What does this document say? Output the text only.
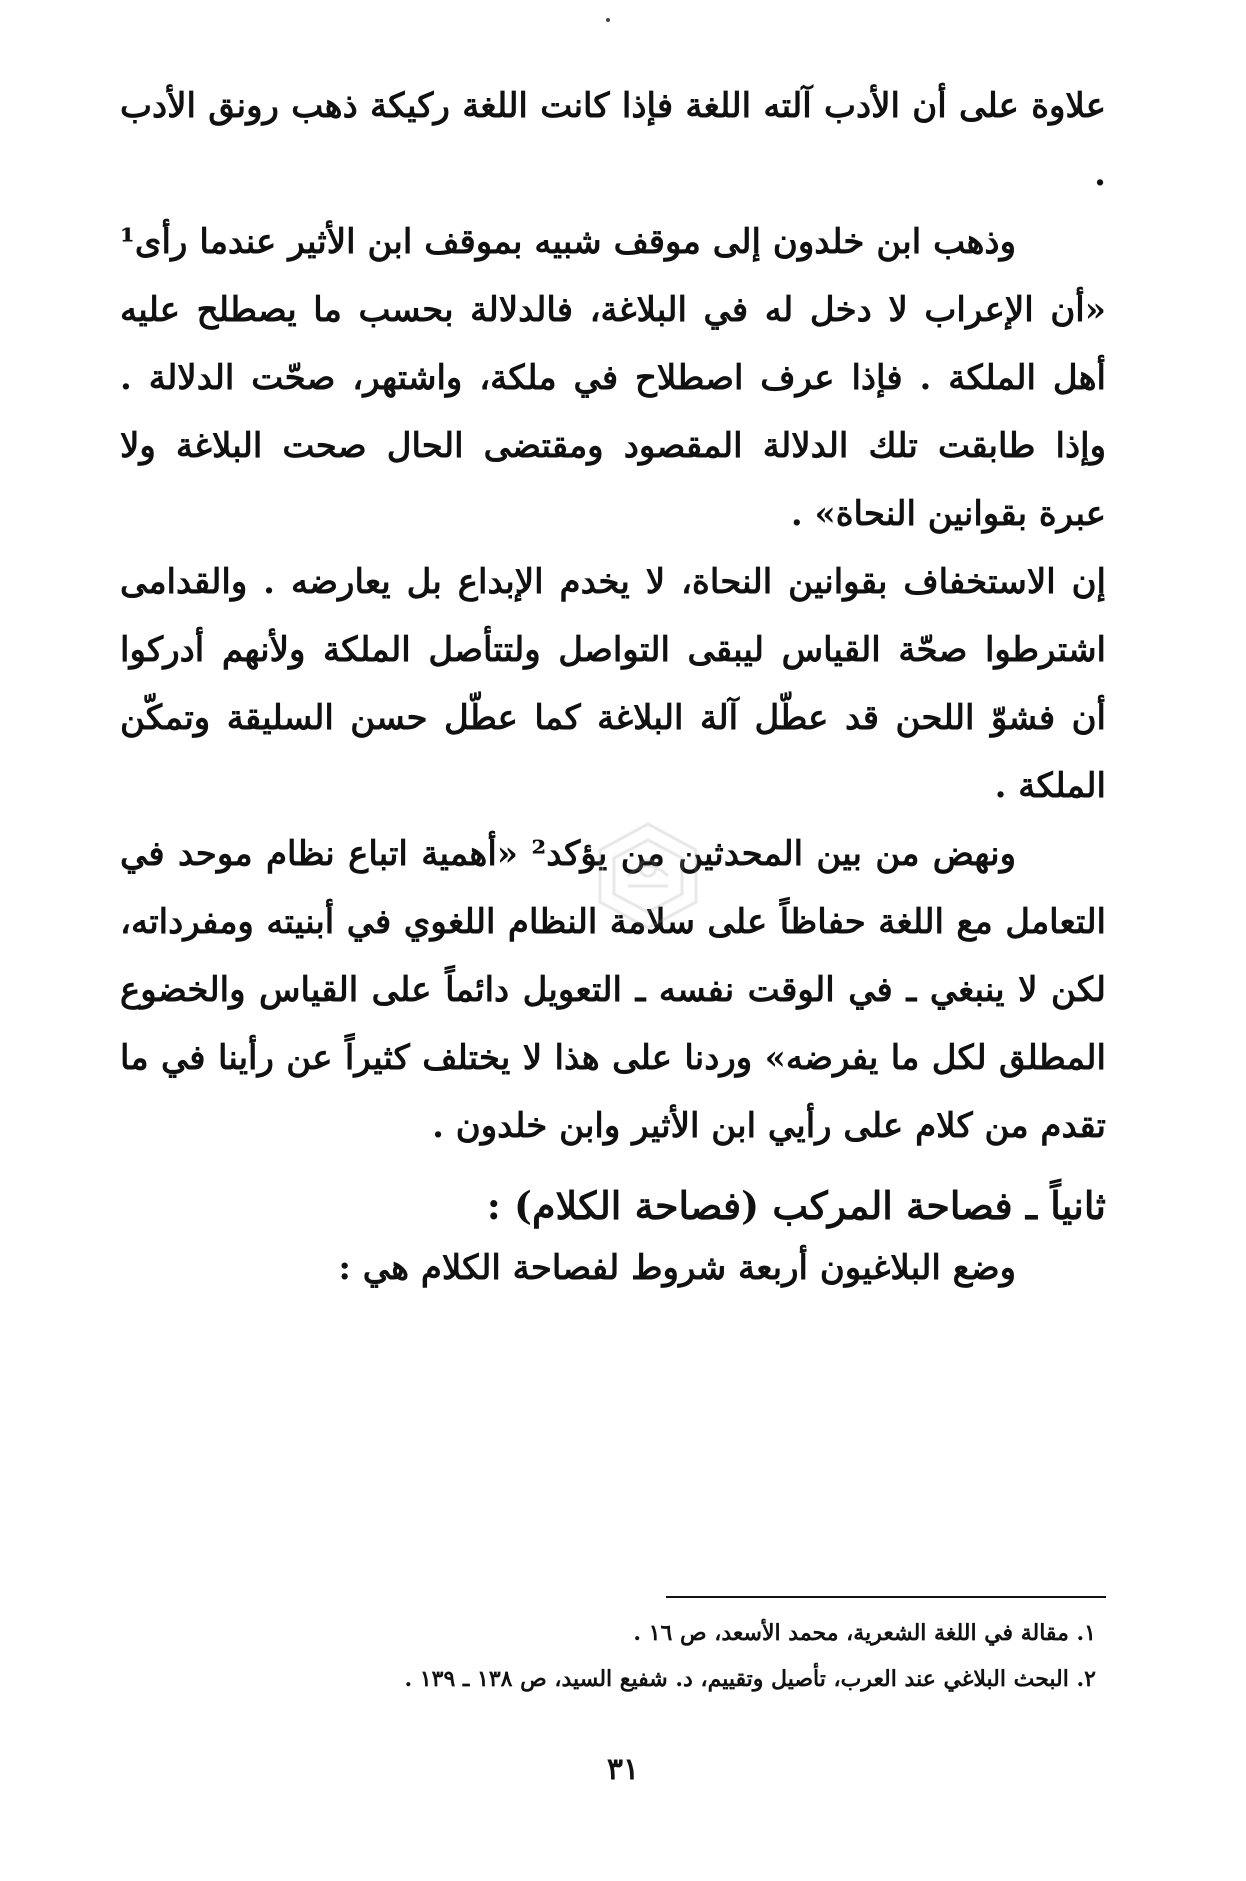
علاوة على أن الأدب آلته اللغة فإذا كانت اللغة ركيكة ذهب رونق الأدب .

وذهب ابن خلدون إلى موقف شبيه بموقف ابن الأثير عندما رأى¹ «أن الإعراب لا دخل له في البلاغة، فالدلالة بحسب ما يصطلح عليه أهل الملكة . فإذا عرف اصطلاح في ملكة، واشتهر، صحّت الدلالة . وإذا طابقت تلك الدلالة المقصود ومقتضى الحال صحت البلاغة ولا عبرة بقوانين النحاة» .

إن الاستخفاف بقوانين النحاة، لا يخدم الإبداع بل يعارضه . والقدامى اشترطوا صحّة القياس ليبقى التواصل ولتتأصل الملكة ولأنهم أدركوا أن فشوّ اللحن قد عطّل آلة البلاغة كما عطّل حسن السليقة وتمكّن الملكة .

ونهض من بين المحدثين من يؤكد² «أهمية اتباع نظام موحد في التعامل مع اللغة حفاظاً على سلامة النظام اللغوي في أبنيته ومفرداته، لكن لا ينبغي ـ في الوقت نفسه ـ التعويل دائماً على القياس والخضوع المطلق لكل ما يفرضه» وردنا على هذا لا يختلف كثيراً عن رأينا في ما تقدم من كلام على رأيي ابن الأثير وابن خلدون .

ثانياً ـ فصاحة المركب (فصاحة الكلام) :
وضع البلاغيون أربعة شروط لفصاحة الكلام هي :

١. مقالة في اللغة الشعرية، محمد الأسعد، ص ١٦ .

٢. البحث البلاغي عند العرب، تأصيل وتقييم، د. شفيع السيد، ص ١٣٨ ـ ١٣٩ .

٣١
